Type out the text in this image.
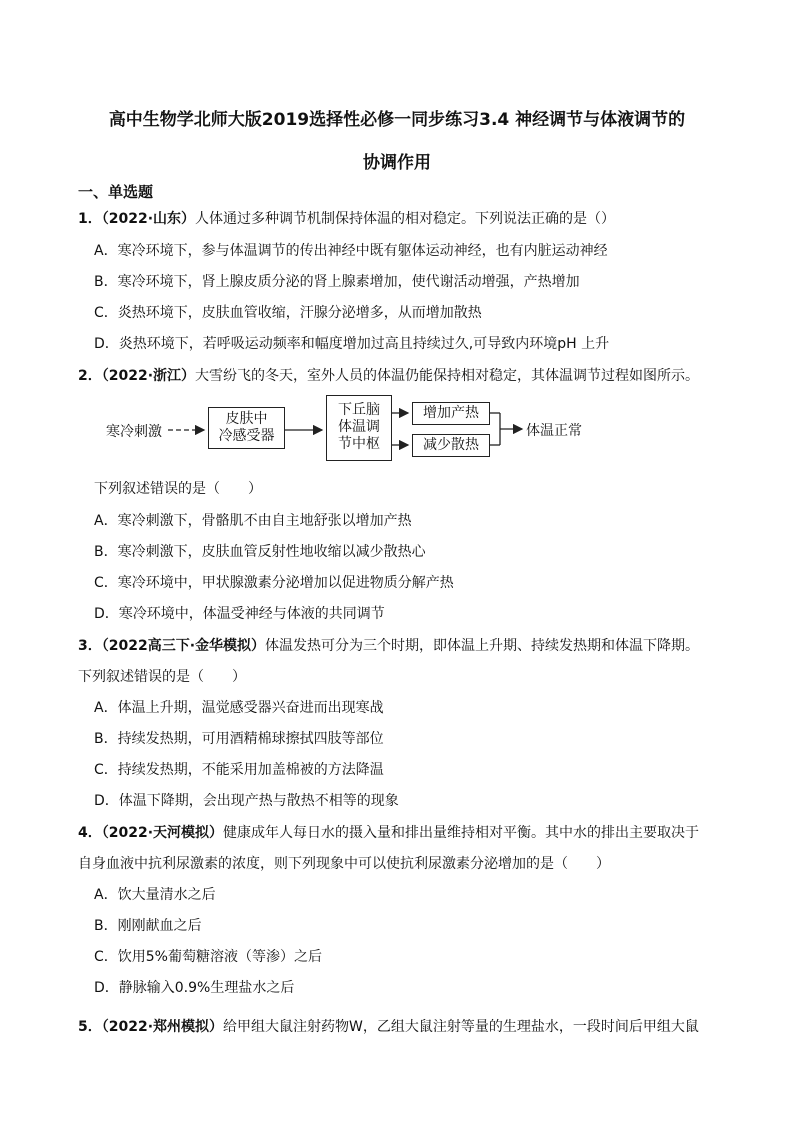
高中生物学北师大版2019选择性必修一同步练习3.4 神经调节与体液调节的
协调作用
一、单选题
1．（2022·山东）人体通过多种调节机制保持体温的相对稳定。下列说法正确的是（）
A．寒冷环境下，参与体温调节的传出神经中既有躯体运动神经，也有内脏运动神经
B．寒冷环境下，肾上腺皮质分泌的肾上腺素增加，使代谢活动增强，产热增加
C．炎热环境下，皮肤血管收缩，汗腺分泌增多，从而增加散热
D．炎热环境下，若呼吸运动频率和幅度增加过高且持续过久,可导致内环境pH 上升
2．（2022·浙江）大雪纷飞的冬天，室外人员的体温仍能保持相对稳定，其体温调节过程如图所示。
寒冷刺激
皮肤中
冷感受器
下丘脑
体温调
节中枢
增加产热
减少散热
体温正常
下列叙述错误的是（　　）
A．寒冷刺激下，骨骼肌不由自主地舒张以增加产热
B．寒冷刺激下，皮肤血管反射性地收缩以减少散热心
C．寒冷环境中，甲状腺激素分泌增加以促进物质分解产热
D．寒冷环境中，体温受神经与体液的共同调节
3．（2022高三下·金华模拟）体温发热可分为三个时期，即体温上升期、持续发热期和体温下降期。
下列叙述错误的是（　　）
A．体温上升期，温觉感受器兴奋进而出现寒战
B．持续发热期，可用酒精棉球擦拭四肢等部位
C．持续发热期，不能采用加盖棉被的方法降温
D．体温下降期，会出现产热与散热不相等的现象
4．（2022·天河模拟）健康成年人每日水的摄入量和排出量维持相对平衡。其中水的排出主要取决于
自身血液中抗利尿激素的浓度，则下列现象中可以使抗利尿激素分泌增加的是（　　）
A．饮大量清水之后
B．刚刚献血之后
C．饮用5%葡萄糖溶液（等渗）之后
D．静脉输入0.9%生理盐水之后
5．（2022·郑州模拟）给甲组大鼠注射药物W，乙组大鼠注射等量的生理盐水，一段时间后甲组大鼠
